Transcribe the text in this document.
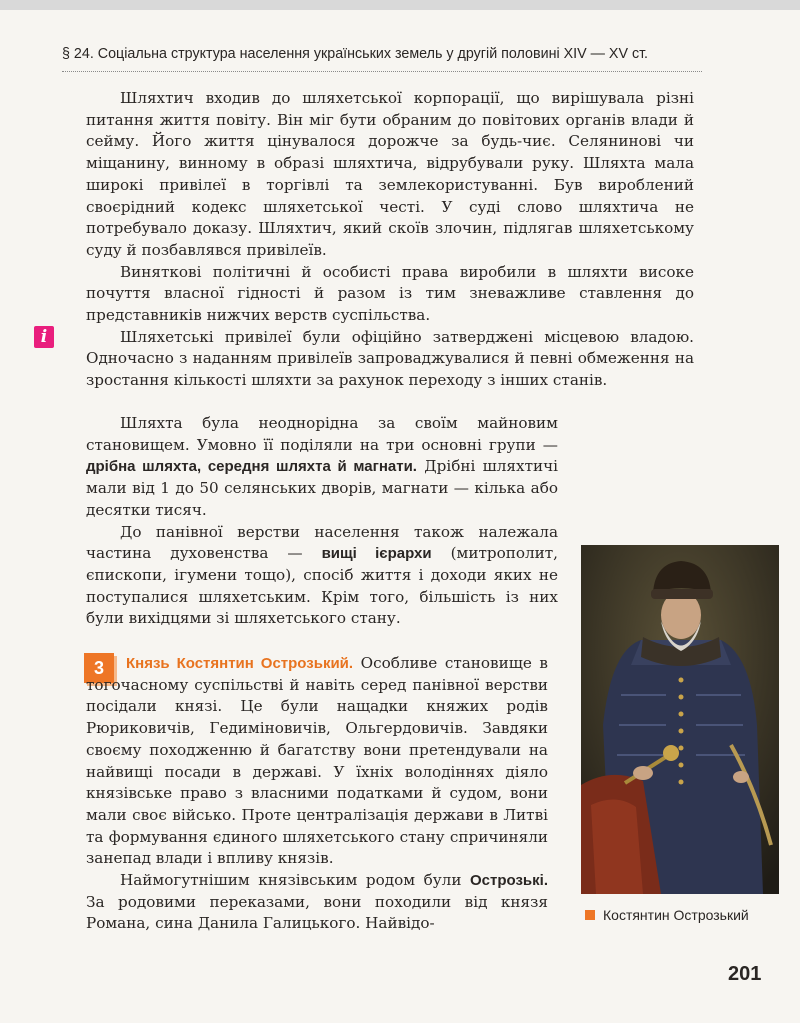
§ 24. Соціальна структура населення українських земель у другій половині XIV — XV ст.

Шляхтич входив до шляхетської корпорації, що вирішувала різні питання життя повіту. Він міг бути обраним до повітових органів влади й сейму. Його життя цінувалося дорожче за будь-чиє. Селянинові чи міщанину, винному в образі шляхтича, відрубували руку. Шляхта мала широкі привілеї в торгівлі та землекористуванні. Був вироблений своєрідний кодекс шляхетської честі. У суді слово шляхтича не потребувало доказу. Шляхтич, який скоїв злочин, підлягав шляхетському суду й позбавлявся привілеїв.

Виняткові політичні й особисті права виробили в шляхти високе почуття власної гідності й разом із тим зневажливе ставлення до представників нижчих верств суспільства.

Шляхетські привілеї були офіційно затверджені місцевою владою. Одночасно з наданням привілеїв запроваджувалися й певні обмеження на зростання кількості шляхти за рахунок переходу з інших станів.

i

Шляхта була неоднорідна за своїм майновим становищем. Умовно її поділяли на три основні групи — дрібна шляхта, середня шляхта й магнати. Дрібні шляхтичі мали від 1 до 50 селянських дворів, магнати — кілька або десятки тисяч.

До панівної верстви населення також належала частина духовенства — вищі ієрархи (митрополит, єпископи, ігумени тощо), спосіб життя і доходи яких не поступалися шляхетським. Крім того, більшість із них були вихідцями зі шляхетського стану.

3	Князь Костянтин Острозький. Особливе становище в тогочасному суспільстві й навіть серед панівної верстви посідали князі. Це були нащадки княжих родів Рюриковичів, Гедиміновичів, Ольгердовичів. Завдяки своєму походженню й багатству вони претендували на найвищі посади в державі. У їхніх володіннях діяло князівське право з власними податками й судом, вони мали своє військо. Проте централізація держави в Литві та формування єдиного шляхетського стану спричиняли занепад влади і впливу князів.

Наймогутнішим князівським родом були Острозькі. За родовими переказами, вони походили від князя Романа, сина Данила Галицького. Найвідо-	Костянтин Острозький
201
